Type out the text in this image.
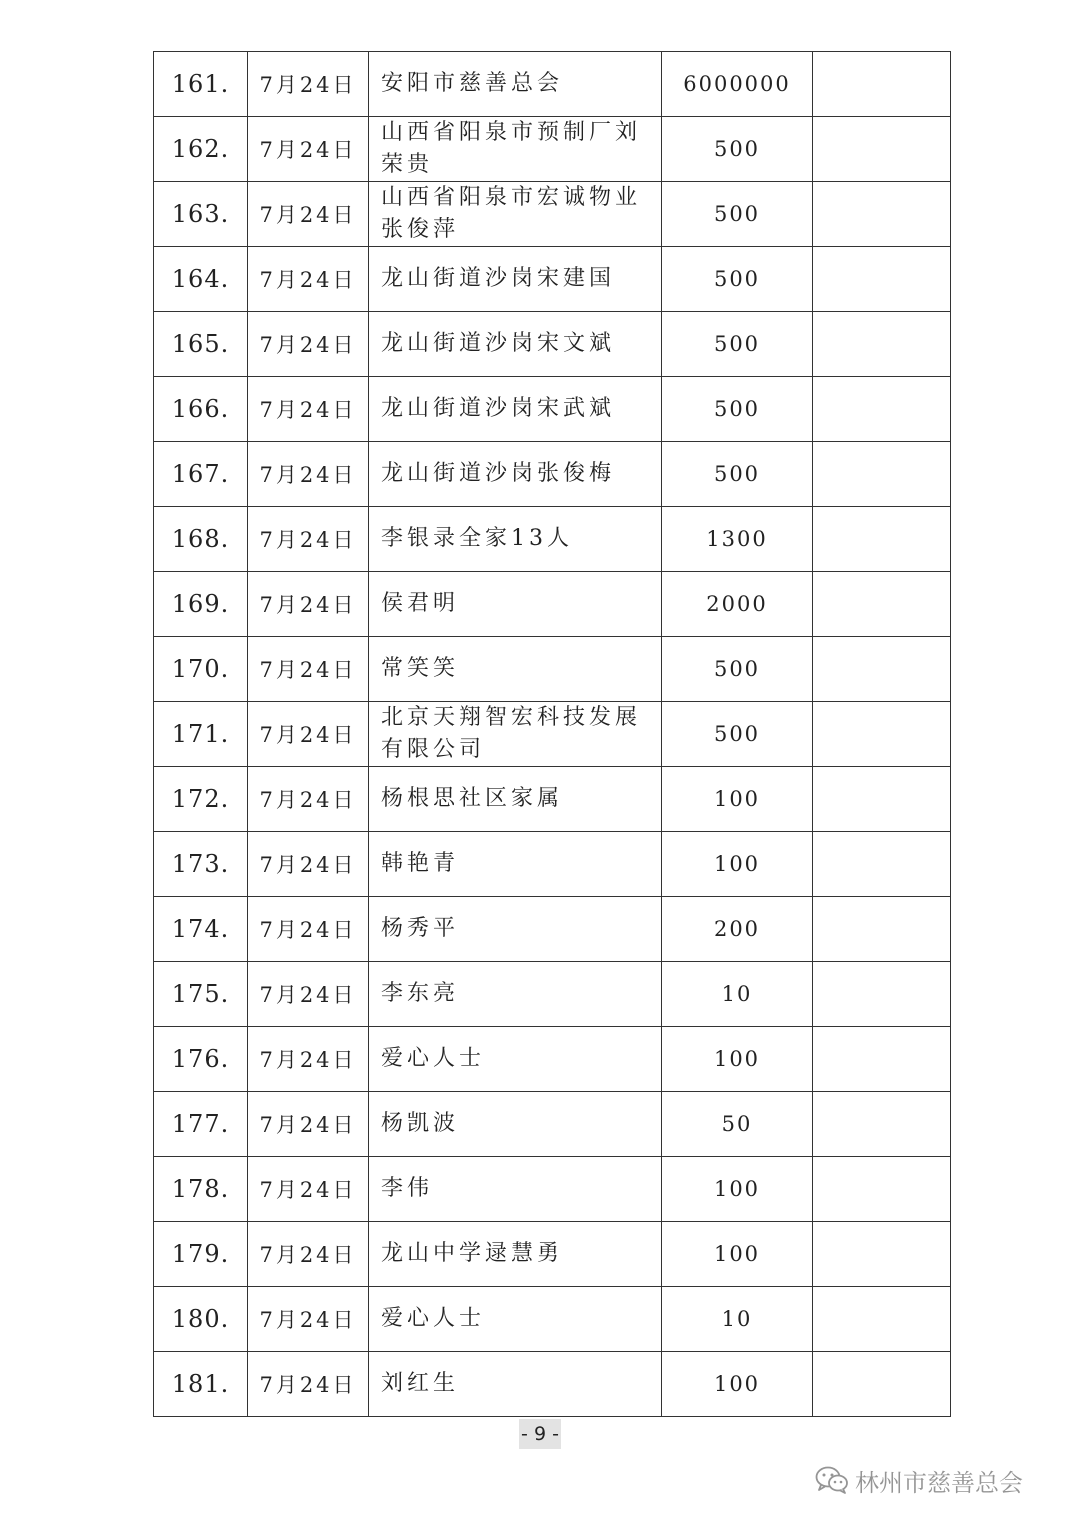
161.	7月24日	安阳市慈善总会	6000000	
162.	7月24日	山西省阳泉市预制厂刘荣贵	500	
163.	7月24日	山西省阳泉市宏诚物业张俊萍	500	
164.	7月24日	龙山街道沙岗宋建国	500	
165.	7月24日	龙山街道沙岗宋文斌	500	
166.	7月24日	龙山街道沙岗宋武斌	500	
167.	7月24日	龙山街道沙岗张俊梅	500	
168.	7月24日	李银录全家13人	1300	
169.	7月24日	侯君明	2000	
170.	7月24日	常笑笑	500	
171.	7月24日	北京天翔智宏科技发展有限公司	500	
172.	7月24日	杨根思社区家属	100	
173.	7月24日	韩艳青	100	
174.	7月24日	杨秀平	200	
175.	7月24日	李东亮	10	
176.	7月24日	爱心人士	100	
177.	7月24日	杨凯波	50	
178.	7月24日	李伟	100	
179.	7月24日	龙山中学逯慧勇	100	
180.	7月24日	爱心人士	10	
181.	7月24日	刘红生	100	
- 9 -
林州市慈善总会
